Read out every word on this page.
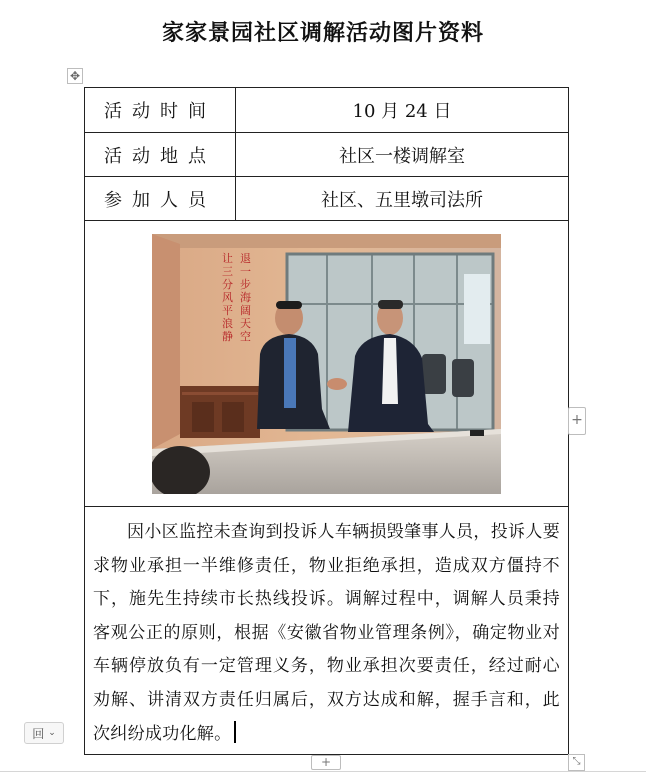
家家景园社区调解活动图片资料
✥
活动时间	10 月 24 日
活动地点	社区一楼调解室
参加人员	社区、五里墩司法所

让三分风平浪静
退一步海阔天空	

因小区监控未查询到投诉人车辆损毁肇事人员，投诉人要求物业承担一半维修责任，物业拒绝承担，造成双方僵持不下，施先生持续市长热线投诉。调解过程中，调解人员秉持客观公正的原则，根据《安徽省物业管理条例》，确定物业对车辆停放负有一定管理义务，物业承担次要责任，经过耐心劝解、讲清双方责任归属后，双方达成和解，握手言和，此次纠纷成功化解。	

+
+	⤡
回 ⌄
